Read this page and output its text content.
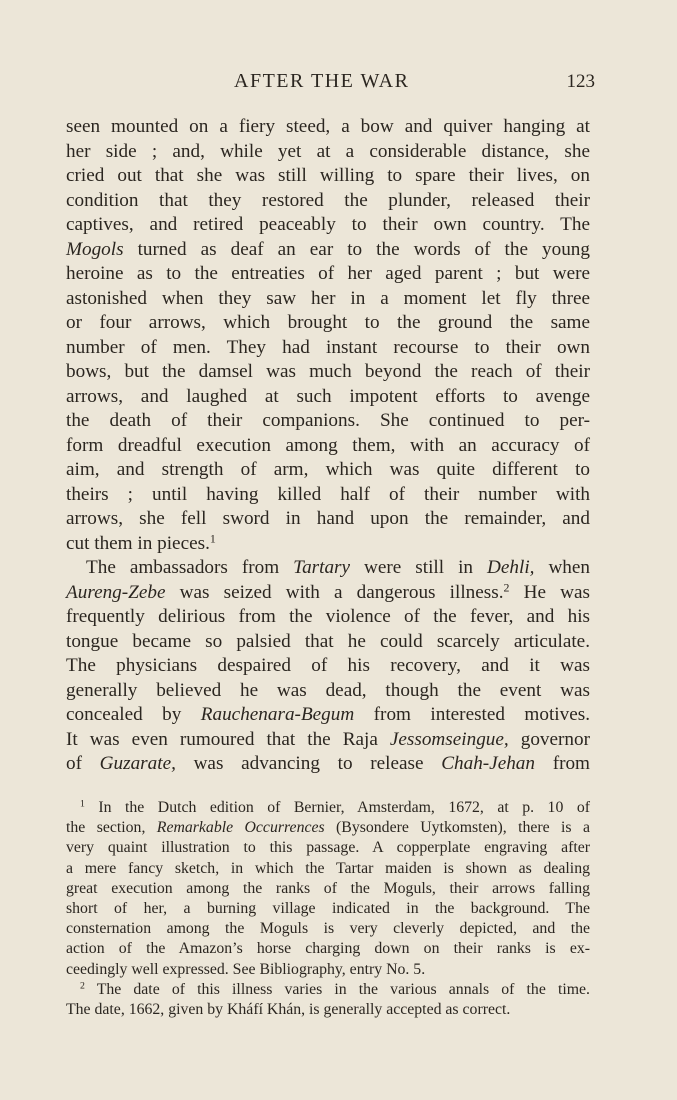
AFTER THE WAR	123
seen mounted on a fiery steed, a bow and quiver hanging at
her side ; and, while yet at a considerable distance, she
cried out that she was still willing to spare their lives, on
condition that they restored the plunder, released their
captives, and retired peaceably to their own country. The
Mogols turned as deaf an ear to the words of the young
heroine as to the entreaties of her aged parent ; but were
astonished when they saw her in a moment let fly three
or four arrows, which brought to the ground the same
number of men. They had instant recourse to their own
bows, but the damsel was much beyond the reach of their
arrows, and laughed at such impotent efforts to avenge
the death of their companions. She continued to per-
form dreadful execution among them, with an accuracy of
aim, and strength of arm, which was quite different to
theirs ; until having killed half of their number with
arrows, she fell sword in hand upon the remainder, and
cut them in pieces.$^1$
The ambassadors from Tartary were still in Dehli, when
Aureng-Zebe was seized with a dangerous illness.$^2$ He was
frequently delirious from the violence of the fever, and his
tongue became so palsied that he could scarcely articulate.
The physicians despaired of his recovery, and it was
generally believed he was dead, though the event was
concealed by Rauchenara-Begum from interested motives.
It was even rumoured that the Raja Jessomseingue, governor
of Guzarate, was advancing to release Chah-Jehan from
$^1$ In the Dutch edition of Bernier, Amsterdam, 1672, at p. 10 of
the section, Remarkable Occurrences (Bysondere Uytkomsten), there is a
very quaint illustration to this passage. A copperplate engraving after
a mere fancy sketch, in which the Tartar maiden is shown as dealing
great execution among the ranks of the Moguls, their arrows falling
short of her, a burning village indicated in the background. The
consternation among the Moguls is very cleverly depicted, and the
action of the Amazon’s horse charging down on their ranks is ex-
ceedingly well expressed. See Bibliography, entry No. 5.
$^2$ The date of this illness varies in the various annals of the time.
The date, 1662, given by Kháfí Khán, is generally accepted as correct.
